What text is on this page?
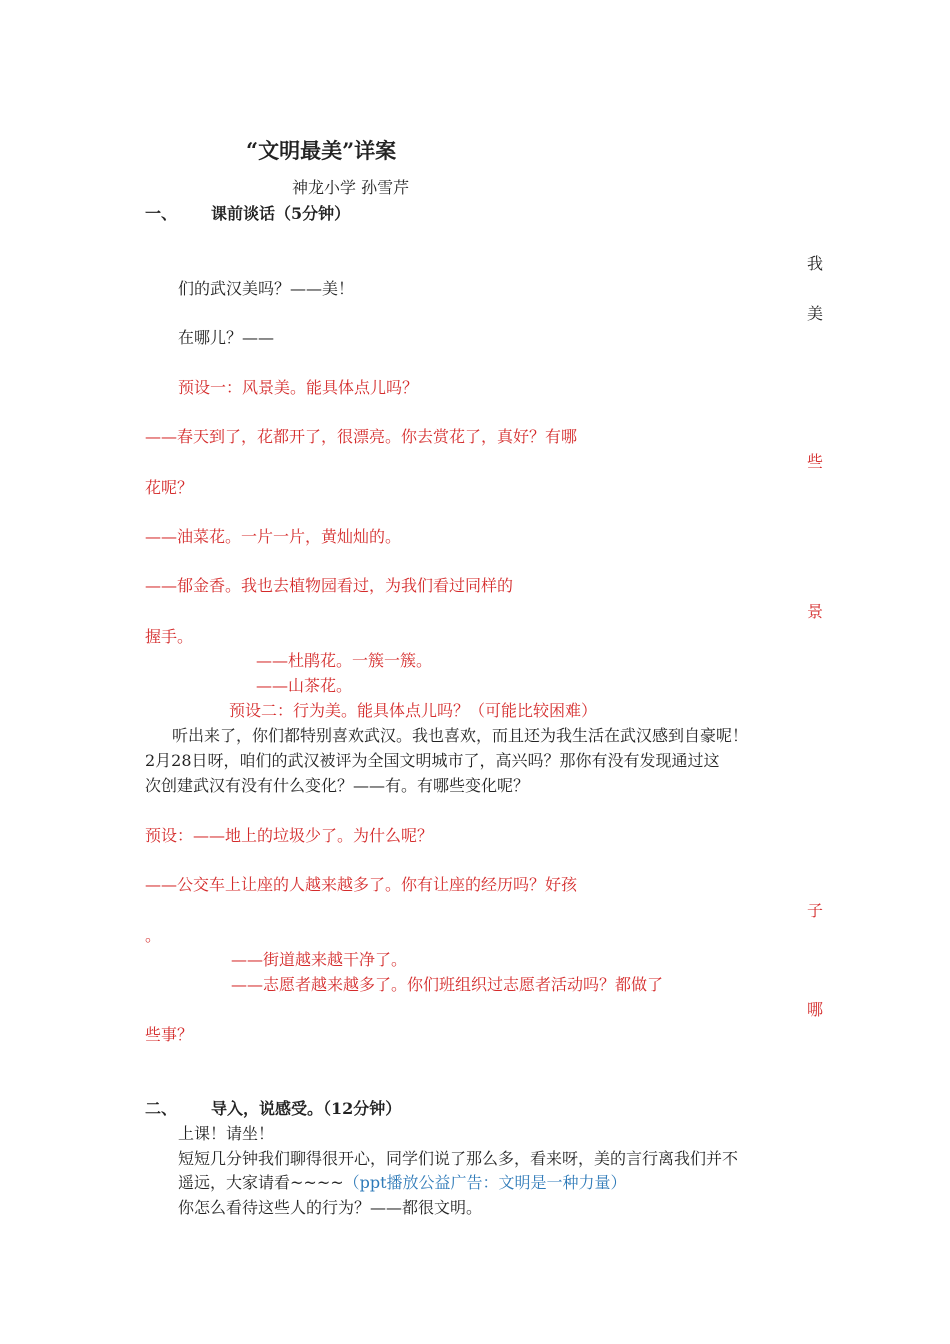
“文明最美”详案
神龙小学 孙雪芹
一、 课前谈话（5分钟）
我
们的武汉美吗？——美！
美
在哪儿？——
预设一：风景美。能具体点儿吗？
——春天到了，花都开了，很漂亮。你去赏花了，真好？有哪
些
花呢？
——油菜花。一片一片，黄灿灿的。
——郁金香。我也去植物园看过，为我们看过同样的
景
握手。
——杜鹃花。一簇一簇。
——山茶花。
预设二：行为美。能具体点儿吗？（可能比较困难）
听出来了，你们都特别喜欢武汉。我也喜欢，而且还为我生活在武汉感到自豪呢！
2月28日呀，咱们的武汉被评为全国文明城市了，高兴吗？那你有没有发现通过这
次创建武汉有没有什么变化？——有。有哪些变化呢？
预设：——地上的垃圾少了。为什么呢？
——公交车上让座的人越来越多了。你有让座的经历吗？好孩
子
。
——街道越来越干净了。
——志愿者越来越多了。你们班组织过志愿者活动吗？都做了
哪
些事？
二、 导入，说感受。（12分钟）
上课！请坐！
短短几分钟我们聊得很开心，同学们说了那么多，看来呀，美的言行离我们并不
遥远，大家请看~~~~（ppt播放公益广告：文明是一种力量）
你怎么看待这些人的行为？——都很文明。
